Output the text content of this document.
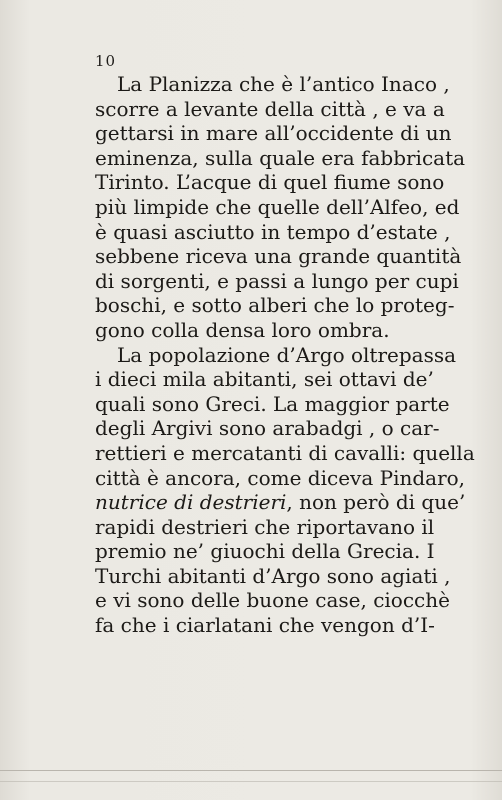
10
La Planizza che è l’antico Inaco ,
scorre a levante della città , e va a
gettarsi in mare all’occidente di un
eminenza, sulla quale era fabbricata
Tirinto. L’acque di quel fiume sono
più limpide che quelle dell’Alfeo, ed
è quasi asciutto in tempo d’estate ,
sebbene riceva una grande quantità
di sorgenti, e passi a lungo per cupi
boschi, e sotto alberi che lo proteg-
gono colla densa loro ombra.
La popolazione d’Argo oltrepassa
i dieci mila abitanti, sei ottavi de’
quali sono Greci. La maggior parte
degli Argivi sono arabadgi , o car-
rettieri e mercatanti di cavalli: quella
città è ancora, come diceva Pindaro,
nutrice di destrieri, non però di que’
rapidi destrieri che riportavano il
premio ne’ giuochi della Grecia. I
Turchi abitanti d’Argo sono agiati ,
e vi sono delle buone case, ciocchè
fa che i ciarlatani che vengon d’I-
